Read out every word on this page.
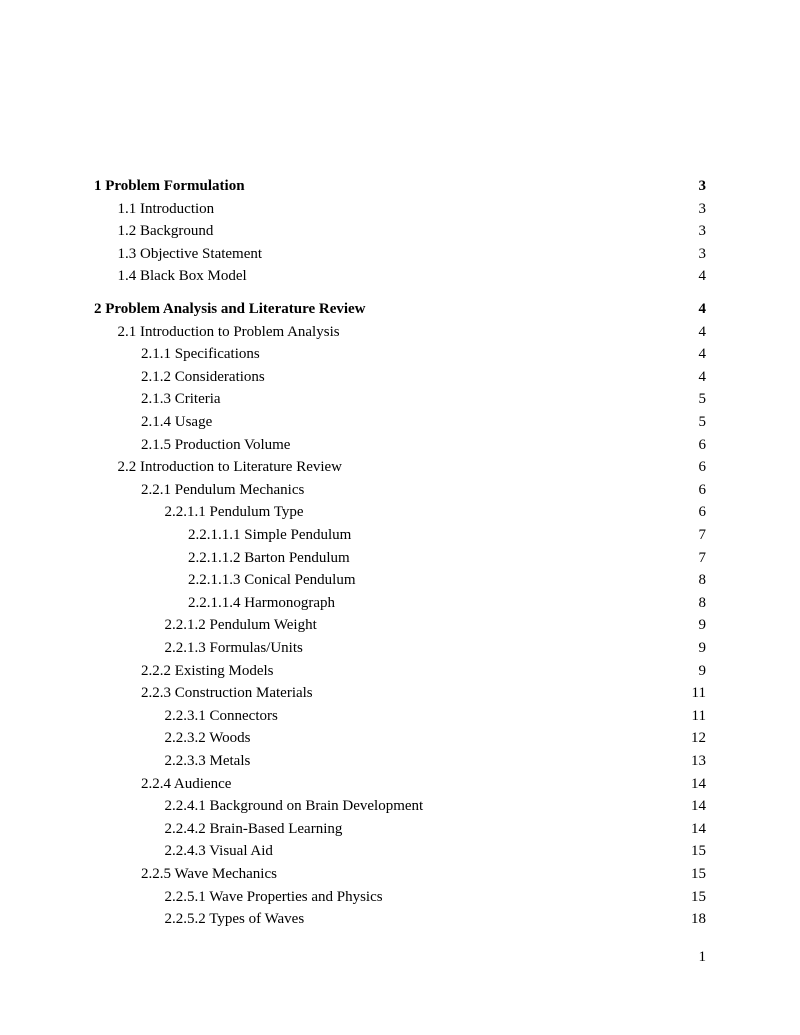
1 Problem Formulation	3
1.1 Introduction	3
1.2 Background	3
1.3 Objective Statement	3
1.4 Black Box Model	4
2 Problem Analysis and Literature Review	4
2.1 Introduction to Problem Analysis	4
2.1.1 Specifications	4
2.1.2 Considerations	4
2.1.3 Criteria	5
2.1.4 Usage	5
2.1.5 Production Volume	6
2.2 Introduction to Literature Review	6
2.2.1 Pendulum Mechanics	6
2.2.1.1 Pendulum Type	6
2.2.1.1.1 Simple Pendulum	7
2.2.1.1.2 Barton Pendulum	7
2.2.1.1.3 Conical Pendulum	8
2.2.1.1.4 Harmonograph	8
2.2.1.2 Pendulum Weight	9
2.2.1.3 Formulas/Units	9
2.2.2 Existing Models	9
2.2.3 Construction Materials	11
2.2.3.1 Connectors	11
2.2.3.2 Woods	12
2.2.3.3 Metals	13
2.2.4 Audience	14
2.2.4.1 Background on Brain Development	14
2.2.4.2 Brain-Based Learning	14
2.2.4.3 Visual Aid	15
2.2.5 Wave Mechanics	15
2.2.5.1 Wave Properties and Physics	15
2.2.5.2 Types of Waves	18
1
